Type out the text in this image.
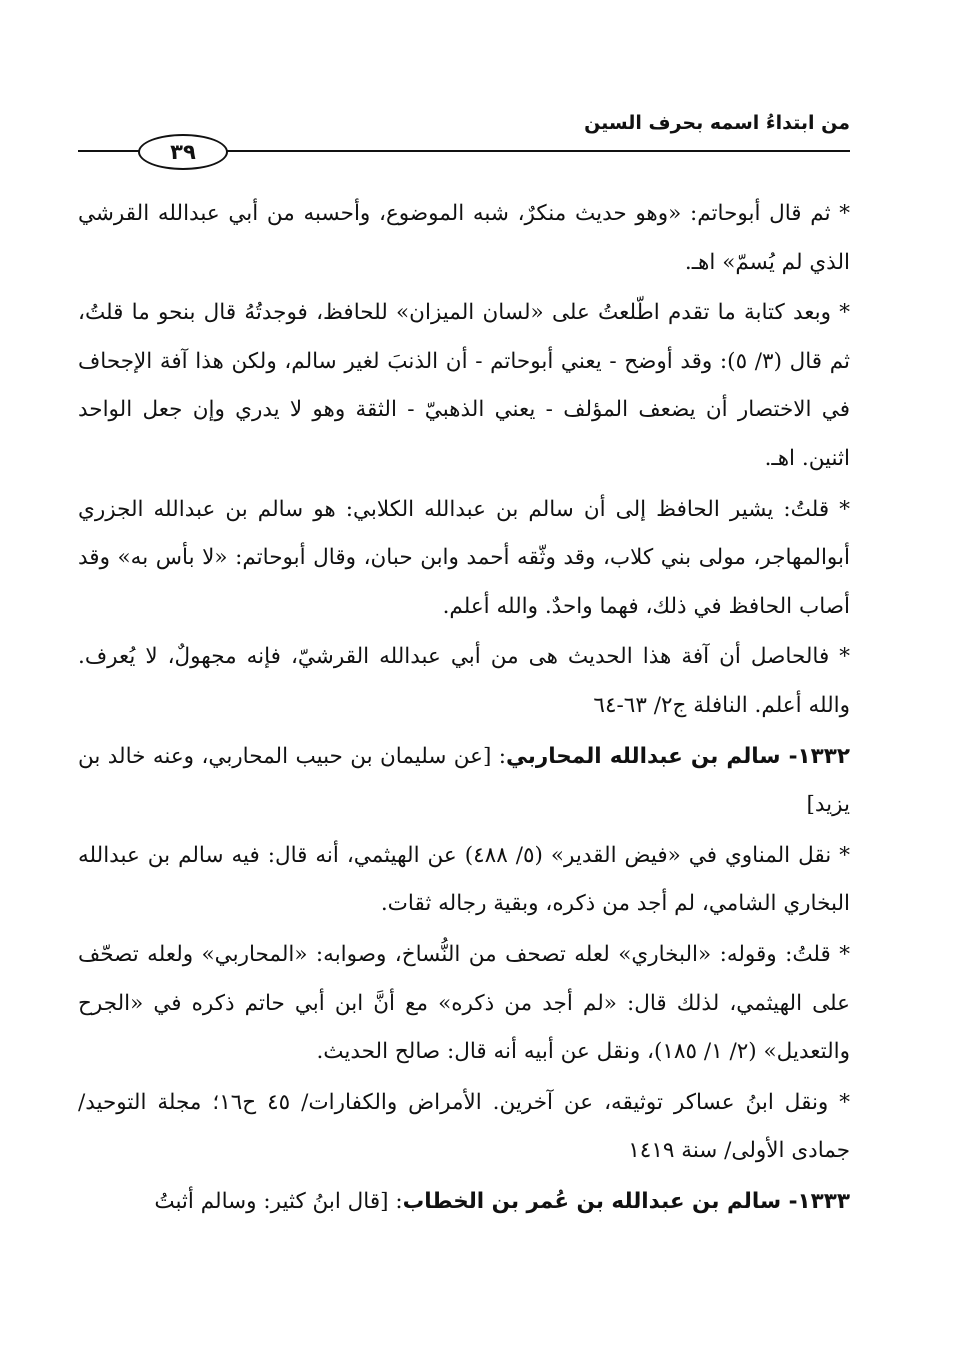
من ابتداءُ اسمه بحرف السين
٣٩

* ثم قال أبوحاتم: «وهو حديث منكرٌ، شبه الموضوع، وأحسبه من أبي عبدالله القرشي الذي لم يُسمّ» اهـ.

* وبعد كتابة ما تقدم اطّلعتُ على «لسان الميزان» للحافظ، فوجدتُهُ قال بنحو ما قلتُ، ثم قال (٣/ ٥): وقد أوضح - يعني أبوحاتم - أن الذنبَ لغير سالم، ولكن هذا آفة الإجحاف في الاختصار أن يضعف المؤلف - يعني الذهبيّ - الثقة وهو لا يدري وإن جعل الواحد اثنين. اهـ.

* قلتُ: يشير الحافظ إلى أن سالم بن عبدالله الكلابي: هو سالم بن عبدالله الجزري أبوالمهاجر، مولى بني كلاب، وقد وثّقه أحمد وابن حبان، وقال أبوحاتم: «لا بأس به» وقد أصاب الحافظ في ذلك، فهما واحدٌ. والله أعلم.

* فالحاصل أن آفة هذا الحديث هى من أبي عبدالله القرشيّ، فإنه مجهولٌ، لا يُعرف. والله أعلم. النافلة ج٢/ ٦٣-٦٤

١٣٣٢- سالم بن عبدالله المحاربي: [عن سليمان بن حبيب المحاربي، وعنه خالد بن يزيد]

* نقل المناوي في «فيض القدير» (٥/ ٤٨٨) عن الهيثمي، أنه قال: فيه سالم بن عبدالله البخاري الشامي، لم أجد من ذكره، وبقية رجاله ثقات.

* قلتُ: وقوله: «البخاري» لعله تصحف من النُّساخ، وصوابه: «المحاربي» ولعله تصحّف على الهيثمي، لذلك قال: «لم أجد من ذكره» مع أنَّ ابن أبي حاتم ذكره في «الجرح والتعديل» (٢/ ١/ ١٨٥)، ونقل عن أبيه أنه قال: صالح الحديث.

* ونقل ابنُ عساكر توثيقه، عن آخرين. الأمراض والكفارات/ ٤٥ ح١٦؛ مجلة التوحيد/ جمادى الأولى/ سنة ١٤١٩

١٣٣٣- سالم بن عبدالله بن عُمر بن الخطاب: [قال ابنُ كثير: وسالم أثبتُ
